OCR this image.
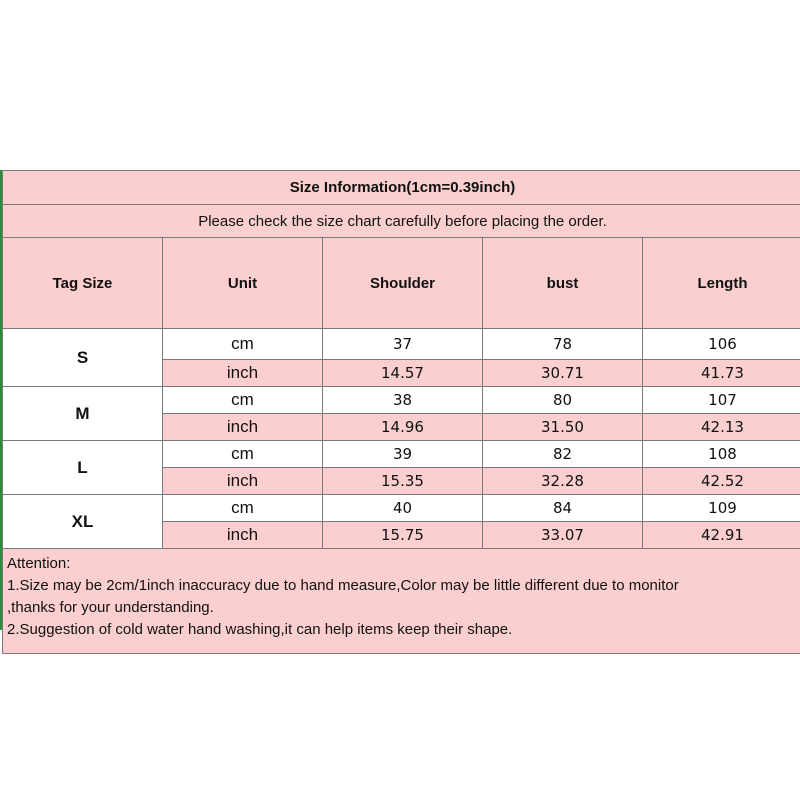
Size Information(1cm=0.39inch)				
Please check the size chart carefully before placing the order.				
Tag Size	Unit	Shoulder	bust	Length
S	cm	37	78	106
	inch	14.57	30.71	41.73
M	cm	38	80	107
	inch	14.96	31.50	42.13
L	cm	39	82	108
	inch	15.35	32.28	42.52
XL	cm	40	84	109
	inch	15.75	33.07	42.91

Attention:
1.Size may be 2cm/1inch inaccuracy due to hand measure,Color may be little different due to monitor
,thanks for your understanding.
2.Suggestion of cold water hand washing,it can help items keep their shape.				
